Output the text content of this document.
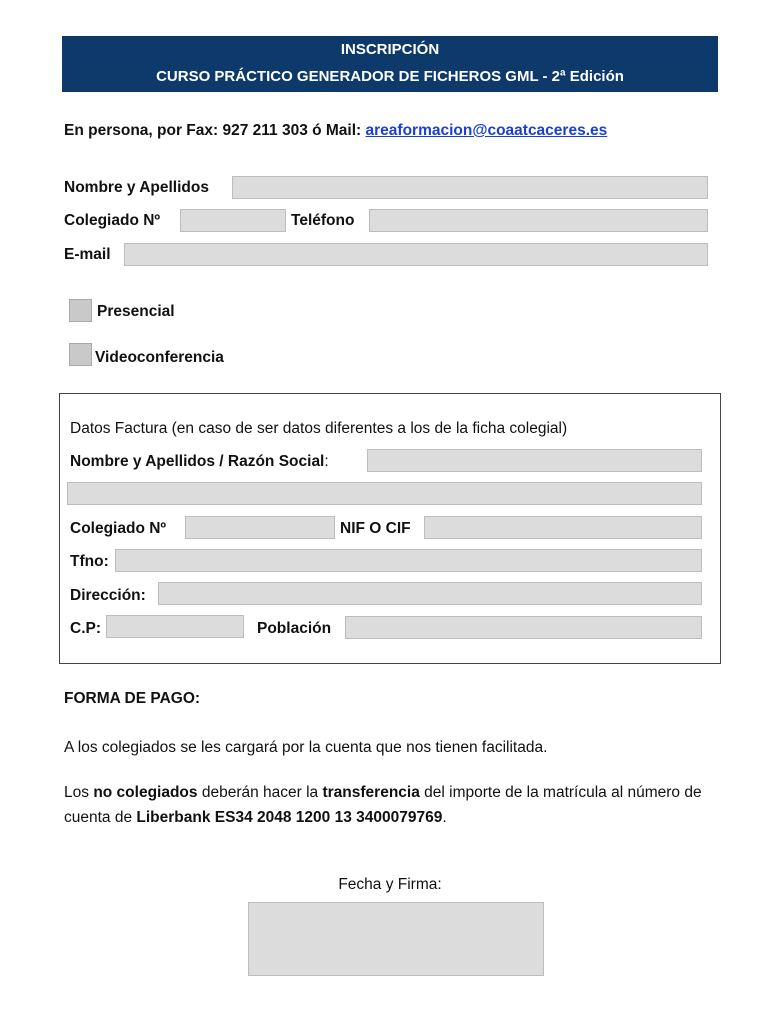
INSCRIPCIÓN
CURSO PRÁCTICO GENERADOR DE FICHEROS GML - 2ª Edición
En persona, por Fax: 927 211 303 ó Mail: areaformacion@coaatcaceres.es
Nombre y Apellidos
Colegiado Nº	Teléfono
E-mail
Presencial
Videoconferencia
Datos Factura (en caso de ser datos diferentes a los de la ficha colegial)
Nombre y Apellidos / Razón Social:
Colegiado Nº	NIF O CIF
Tfno:
Dirección:
C.P:	Población
FORMA DE PAGO:
A los colegiados se les cargará por la cuenta que nos tienen facilitada.
Los no colegiados deberán hacer la transferencia del importe de la matrícula al número de cuenta de Liberbank ES34 2048 1200 13 3400079769.
Fecha y Firma:
